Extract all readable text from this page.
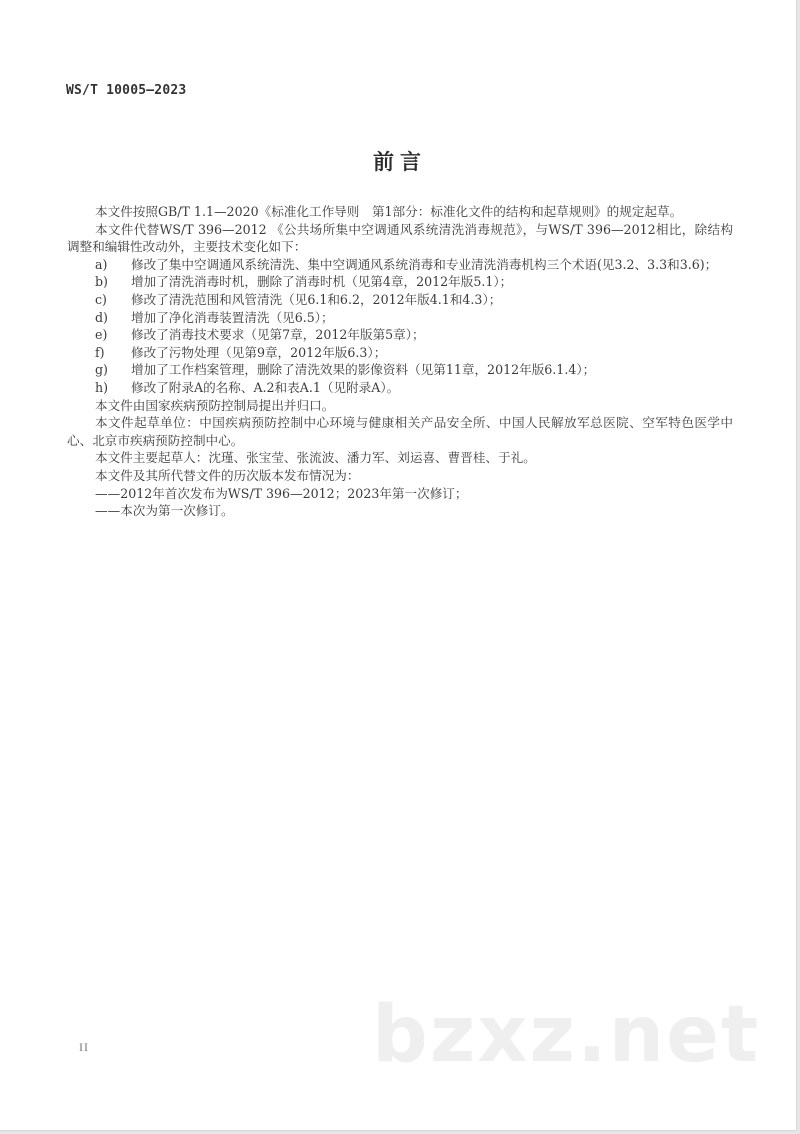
WS/T 10005—2023
前言

本文件按照GB/T 1.1—2020《标准化工作导则　第1部分：标准化文件的结构和起草规则》的规定起草。

本文件代替WS/T 396—2012 《公共场所集中空调通风系统清洗消毒规范》，与WS/T 396—2012相比，除结构调整和编辑性改动外，主要技术变化如下：

a) 修改了集中空调通风系统清洗、集中空调通风系统消毒和专业清洗消毒机构三个术语(见3.2、3.3和3.6)；

b) 增加了清洗消毒时机，删除了消毒时机（见第4章，2012年版5.1）；

c) 修改了清洗范围和风管清洗（见6.1和6.2，2012年版4.1和4.3）；

d) 增加了净化消毒装置清洗（见6.5）；

e) 修改了消毒技术要求（见第7章，2012年版第5章）；

f) 修改了污物处理（见第9章，2012年版6.3）；

g) 增加了工作档案管理，删除了清洗效果的影像资料（见第11章，2012年版6.1.4）；

h) 修改了附录A的名称、A.2和表A.1（见附录A）。

本文件由国家疾病预防控制局提出并归口。

本文件起草单位：中国疾病预防控制中心环境与健康相关产品安全所、中国人民解放军总医院、空军特色医学中心、北京市疾病预防控制中心。

本文件主要起草人：沈瑾、张宝莹、张流波、潘力军、刘运喜、曹晋桂、于礼。

本文件及其所代替文件的历次版本发布情况为：

——2012年首次发布为WS/T 396—2012；2023年第一次修订；

——本次为第一次修订。

bzxz.net
II
